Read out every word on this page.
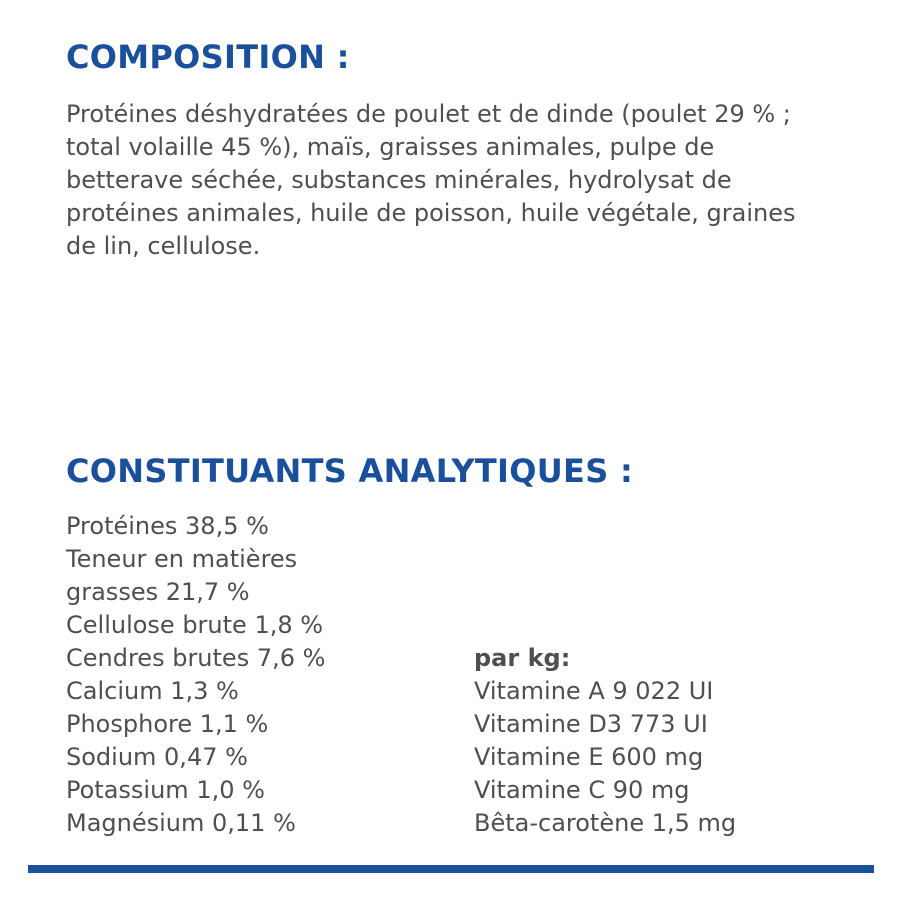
COMPOSITION :

Protéines déshydratées de poulet et de dinde (poulet 29 % ; total volaille 45 %), maïs, graisses animales, pulpe de betterave séchée, substances minérales, hydrolysat de protéines animales, huile de poisson, huile végétale, graines de lin, cellulose.

CONSTITUANTS ANALYTIQUES :
Protéines 38,5 %
Teneur en matières grasses 21,7 %
Cellulose brute 1,8 %
Cendres brutes 7,6 %
Calcium 1,3 %
Phosphore 1,1 %
Sodium 0,47 %
Potassium 1,0 %
Magnésium 0,11 %
par kg:
Vitamine A 9 022 UI
Vitamine D3 773 UI
Vitamine E 600 mg
Vitamine C 90 mg
Bêta-carotène 1,5 mg
